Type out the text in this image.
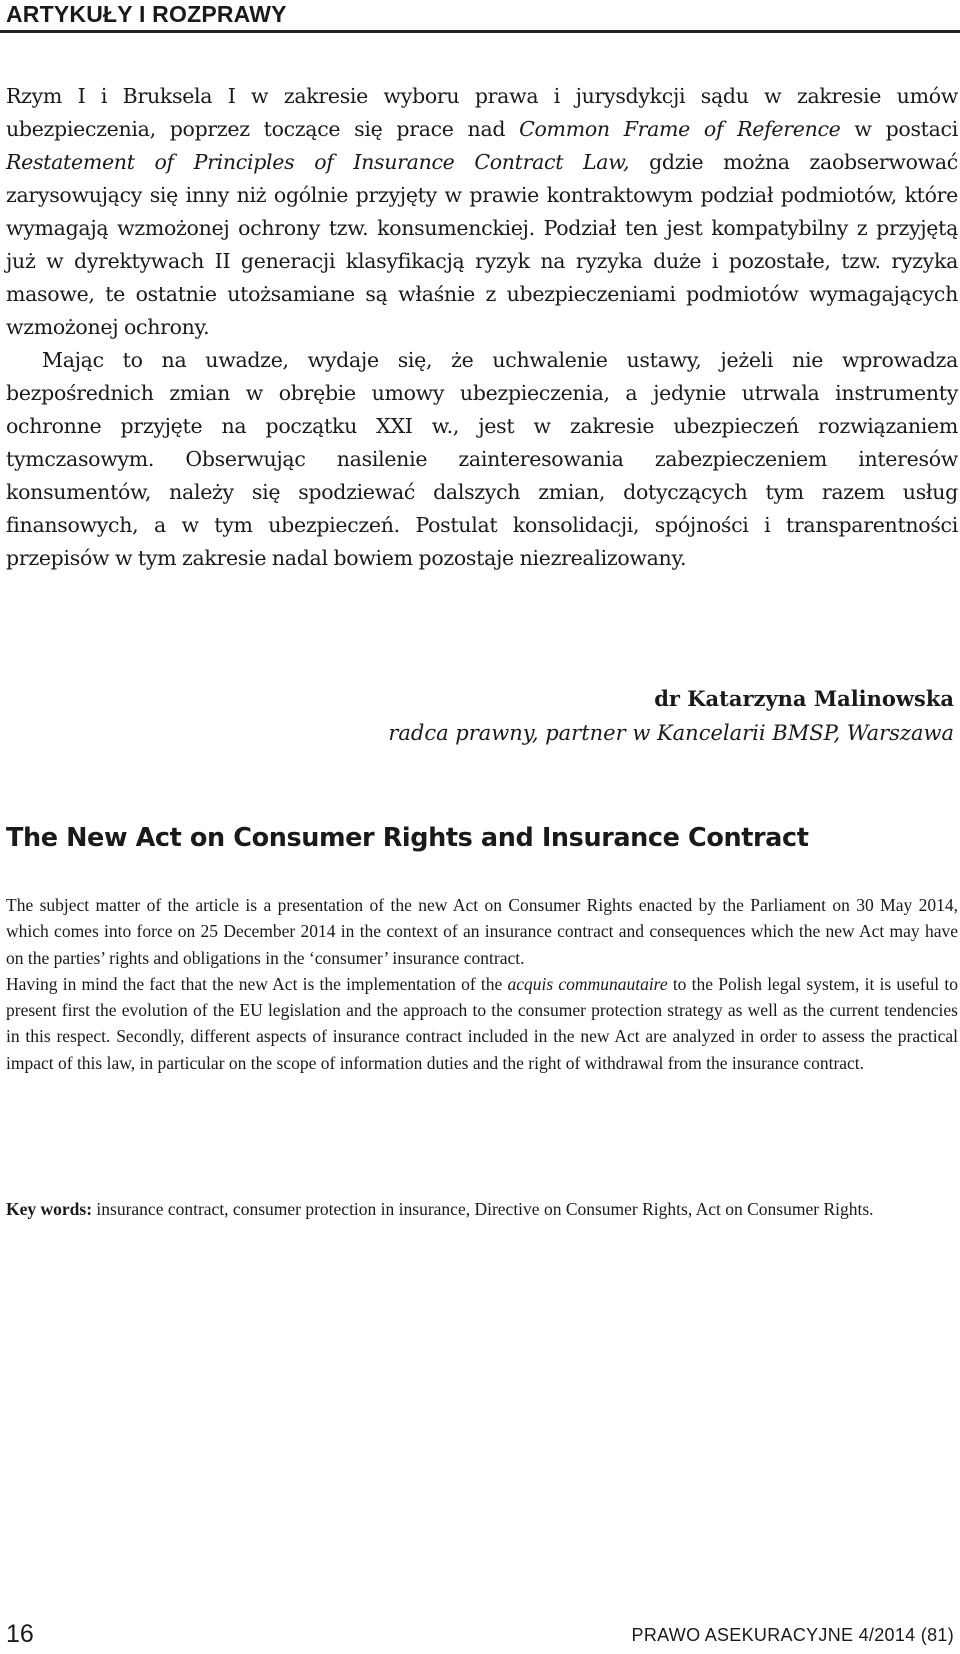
ARTYKUŁY I ROZPRAWY

Rzym I i Bruksela I w zakresie wyboru prawa i jurysdykcji sądu w zakresie umów ubezpieczenia, poprzez toczące się prace nad Common Frame of Reference w postaci Restatement of Principles of Insurance Contract Law, gdzie można zaobserwować zarysowujący się inny niż ogólnie przyjęty w prawie kontraktowym podział podmiotów, które wymagają wzmożonej ochrony tzw. konsumenckiej. Podział ten jest kompatybilny z przyjętą już w dyrektywach II generacji klasyfikacją ryzyk na ryzyka duże i pozostałe, tzw. ryzyka masowe, te ostatnie utożsamiane są właśnie z ubezpieczeniami podmiotów wymagających wzmożonej ochrony.

Mając to na uwadze, wydaje się, że uchwalenie ustawy, jeżeli nie wprowadza bezpośrednich zmian w obrębie umowy ubezpieczenia, a jedynie utrwala instrumenty ochronne przyjęte na początku XXI w., jest w zakresie ubezpieczeń rozwiązaniem tymczasowym. Obserwując nasilenie zainteresowania zabezpieczeniem interesów konsumentów, należy się spodziewać dalszych zmian, dotyczących tym razem usług finansowych, a w tym ubezpieczeń. Postulat konsolidacji, spójności i transparentności przepisów w tym zakresie nadal bowiem pozostaje niezrealizowany.

dr Katarzyna Malinowska
radca prawny, partner w Kancelarii BMSP, Warszawa
The New Act on Consumer Rights and Insurance Contract

The subject matter of the article is a presentation of the new Act on Consumer Rights enacted by the Parliament on 30 May 2014, which comes into force on 25 December 2014 in the context of an insurance contract and consequences which the new Act may have on the parties’ rights and obligations in the ‘consumer’ insurance contract.

Having in mind the fact that the new Act is the implementation of the acquis communautaire to the Polish legal system, it is useful to present first the evolution of the EU legislation and the approach to the consumer protection strategy as well as the current tendencies in this respect. Secondly, different aspects of insurance contract included in the new Act are analyzed in order to assess the practical impact of this law, in particular on the scope of information duties and the right of withdrawal from the insurance contract.

Key words: insurance contract, consumer protection in insurance, Directive on Consumer Rights, Act on Consumer Rights.
16	PRAWO ASEKURACYJNE 4/2014 (81)
